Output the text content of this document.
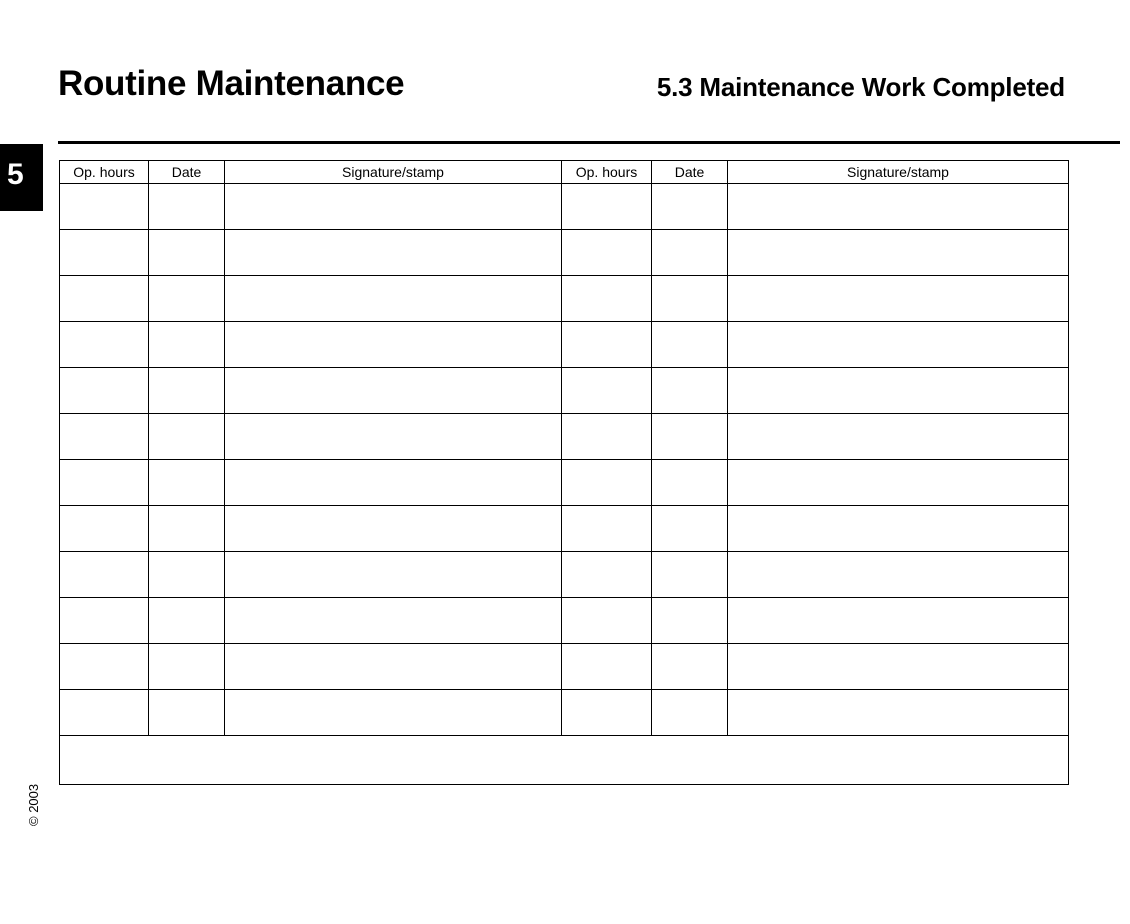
Routine Maintenance	5.3 Maintenance Work Completed
5
© 2003
Op. hours	Date	Signature/stamp	Op. hours	Date	Signature/stamp
